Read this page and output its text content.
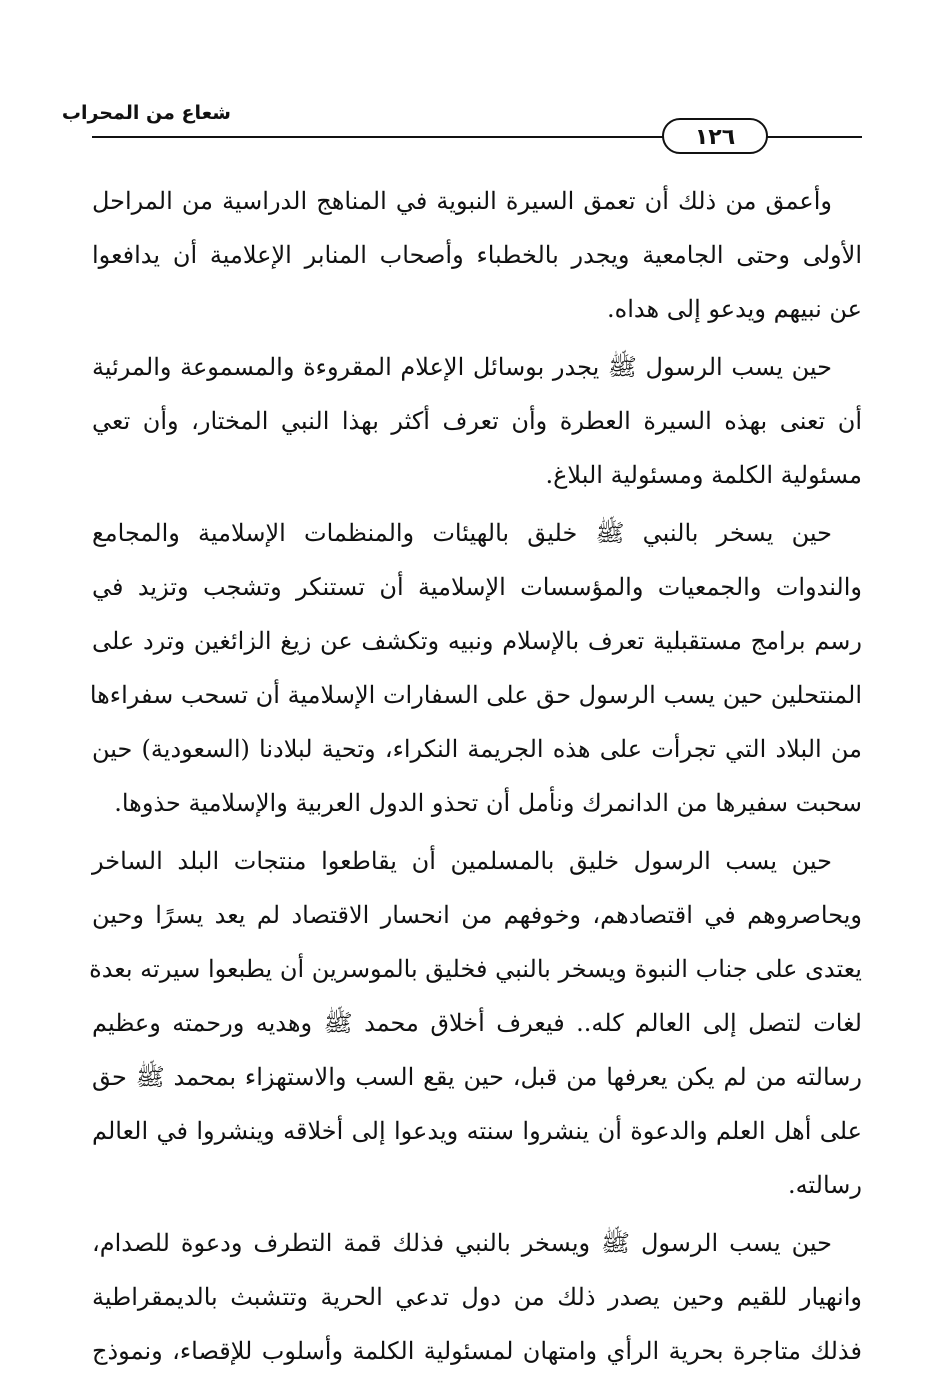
شعاع من المحراب
١٢٦
وأعمق من ذلك أن تعمق السيرة النبوية في المناهج الدراسية من المراحل
الأولى وحتى الجامعية ويجدر بالخطباء وأصحاب المنابر الإعلامية أن يدافعوا
عن نبيهم ويدعو إلى هداه.
حين يسب الرسول ﷺ يجدر بوسائل الإعلام المقروءة والمسموعة والمرئية
أن تعنى بهذه السيرة العطرة وأن تعرف أكثر بهذا النبي المختار، وأن تعي
مسئولية الكلمة ومسئولية البلاغ.
حين يسخر بالنبي ﷺ خليق بالهيئات والمنظمات الإسلامية والمجامع
والندوات والجمعيات والمؤسسات الإسلامية أن تستنكر وتشجب وتزيد في
رسم برامج مستقبلية تعرف بالإسلام ونبيه وتكشف عن زيغ الزائغين وترد على
المنتحلين حين يسب الرسول حق على السفارات الإسلامية أن تسحب سفراءها
من البلاد التي تجرأت على هذه الجريمة النكراء، وتحية لبلادنا (السعودية) حين
سحبت سفيرها من الدانمرك ونأمل أن تحذو الدول العربية والإسلامية حذوها.
حين يسب الرسول خليق بالمسلمين أن يقاطعوا منتجات البلد الساخر
ويحاصروهم في اقتصادهم، وخوفهم من انحسار الاقتصاد لم يعد يسرًا وحين
يعتدى على جناب النبوة ويسخر بالنبي فخليق بالموسرين أن يطبعوا سيرته بعدة
لغات لتصل إلى العالم كله.. فيعرف أخلاق محمد ﷺ وهديه ورحمته وعظيم
رسالته من لم يكن يعرفها من قبل، حين يقع السب والاستهزاء بمحمد ﷺ حق
على أهل العلم والدعوة أن ينشروا سنته ويدعوا إلى أخلاقه وينشروا في العالم
رسالته.
حين يسب الرسول ﷺ ويسخر بالنبي فذلك قمة التطرف ودعوة للصدام،
وانهيار للقيم وحين يصدر ذلك من دول تدعي الحرية وتتشبث بالديمقراطية
فذلك متاجرة بحرية الرأي وامتهان لمسئولية الكلمة وأسلوب للإقصاء، ونموذج
